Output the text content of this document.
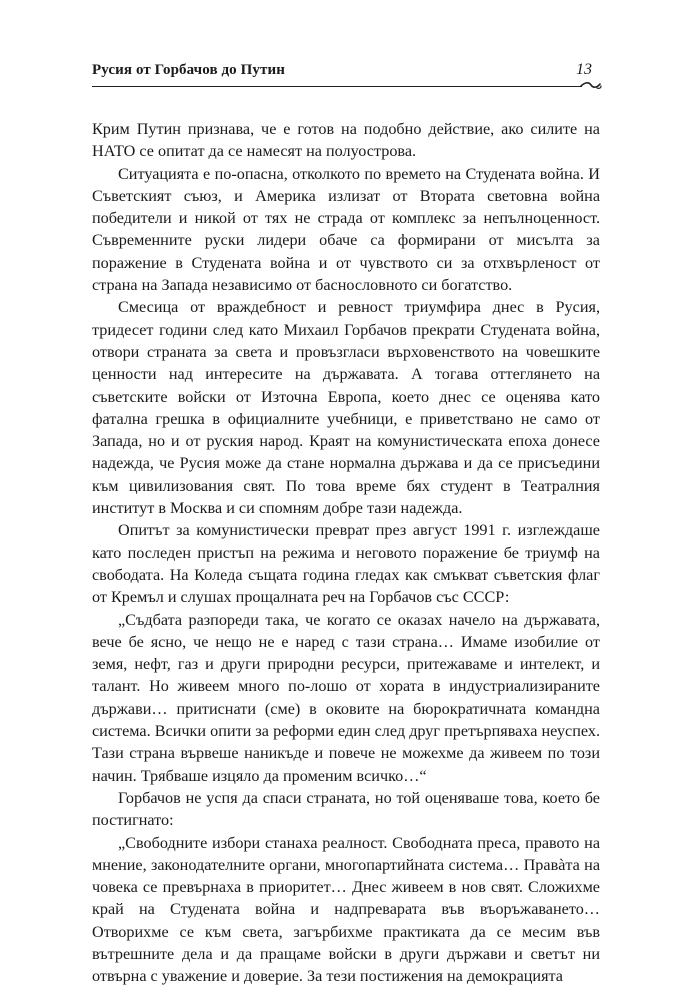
Русия от Горбачов до Путин	13

Крим Путин признава, че е готов на подобно действие, ако силите на НАТО се опитат да се намесят на полуострова.

Ситуацията е по-опасна, отколкото по времето на Студената война. И Съветският съюз, и Америка излизат от Втората световна война победители и никой от тях не страда от комплекс за непълноценност. Съвременните руски лидери обаче са формирани от мисълта за поражение в Студената война и от чувството си за отхвърленост от страна на Запада независимо от баснословното си богатство.

Смесица от враждебност и ревност триумфира днес в Русия, тридесет години след като Михаил Горбачов прекрати Студената война, отвори страната за света и провъзгласи върховенството на човешките ценности над интересите на държавата. А тогава оттеглянето на съветските войски от Източна Европа, което днес се оценява като фатална грешка в официалните учебници, е приветствано не само от Запада, но и от руския народ. Краят на комунистическата епоха донесе надежда, че Русия може да стане нормална държава и да се присъедини към цивилизования свят. По това време бях студент в Театралния институт в Москва и си спомням добре тази надежда.

Опитът за комунистически преврат през август 1991 г. изглеждаше като последен пристъп на режима и неговото поражение бе триумф на свободата. На Коледа същата година гледах как смъкват съветския флаг от Кремъл и слушах прощалната реч на Горбачов със СССР:

„Съдбата разпореди така, че когато се оказах начело на държавата, вече бе ясно, че нещо не е наред с тази страна… Имаме изобилие от земя, нефт, газ и други природни ресурси, притежаваме и интелект, и талант. Но живеем много по-лошо от хората в индустриализираните държави… притиснати (сме) в оковите на бюрократичната командна система. Всички опити за реформи един след друг претърпяваха неуспех. Тази страна вървеше наникъде и повече не можехме да живеем по този начин. Трябваше изцяло да променим всичко…“

Горбачов не успя да спаси страната, но той оценяваше това, което бе постигнато:

„Свободните избори станаха реалност. Свободната преса, правото на мнение, законодателните органи, многопартийната система… Правàта на човека се превърнаха в приоритет… Днес живеем в нов свят. Сложихме край на Студената война и надпреварата във въоръжаването… Отворихме се към света, загърбихме практиката да се месим във вътрешните дела и да пращаме войски в други държави и светът ни отвърна с уважение и доверие. За тези постижения на демокрацията
